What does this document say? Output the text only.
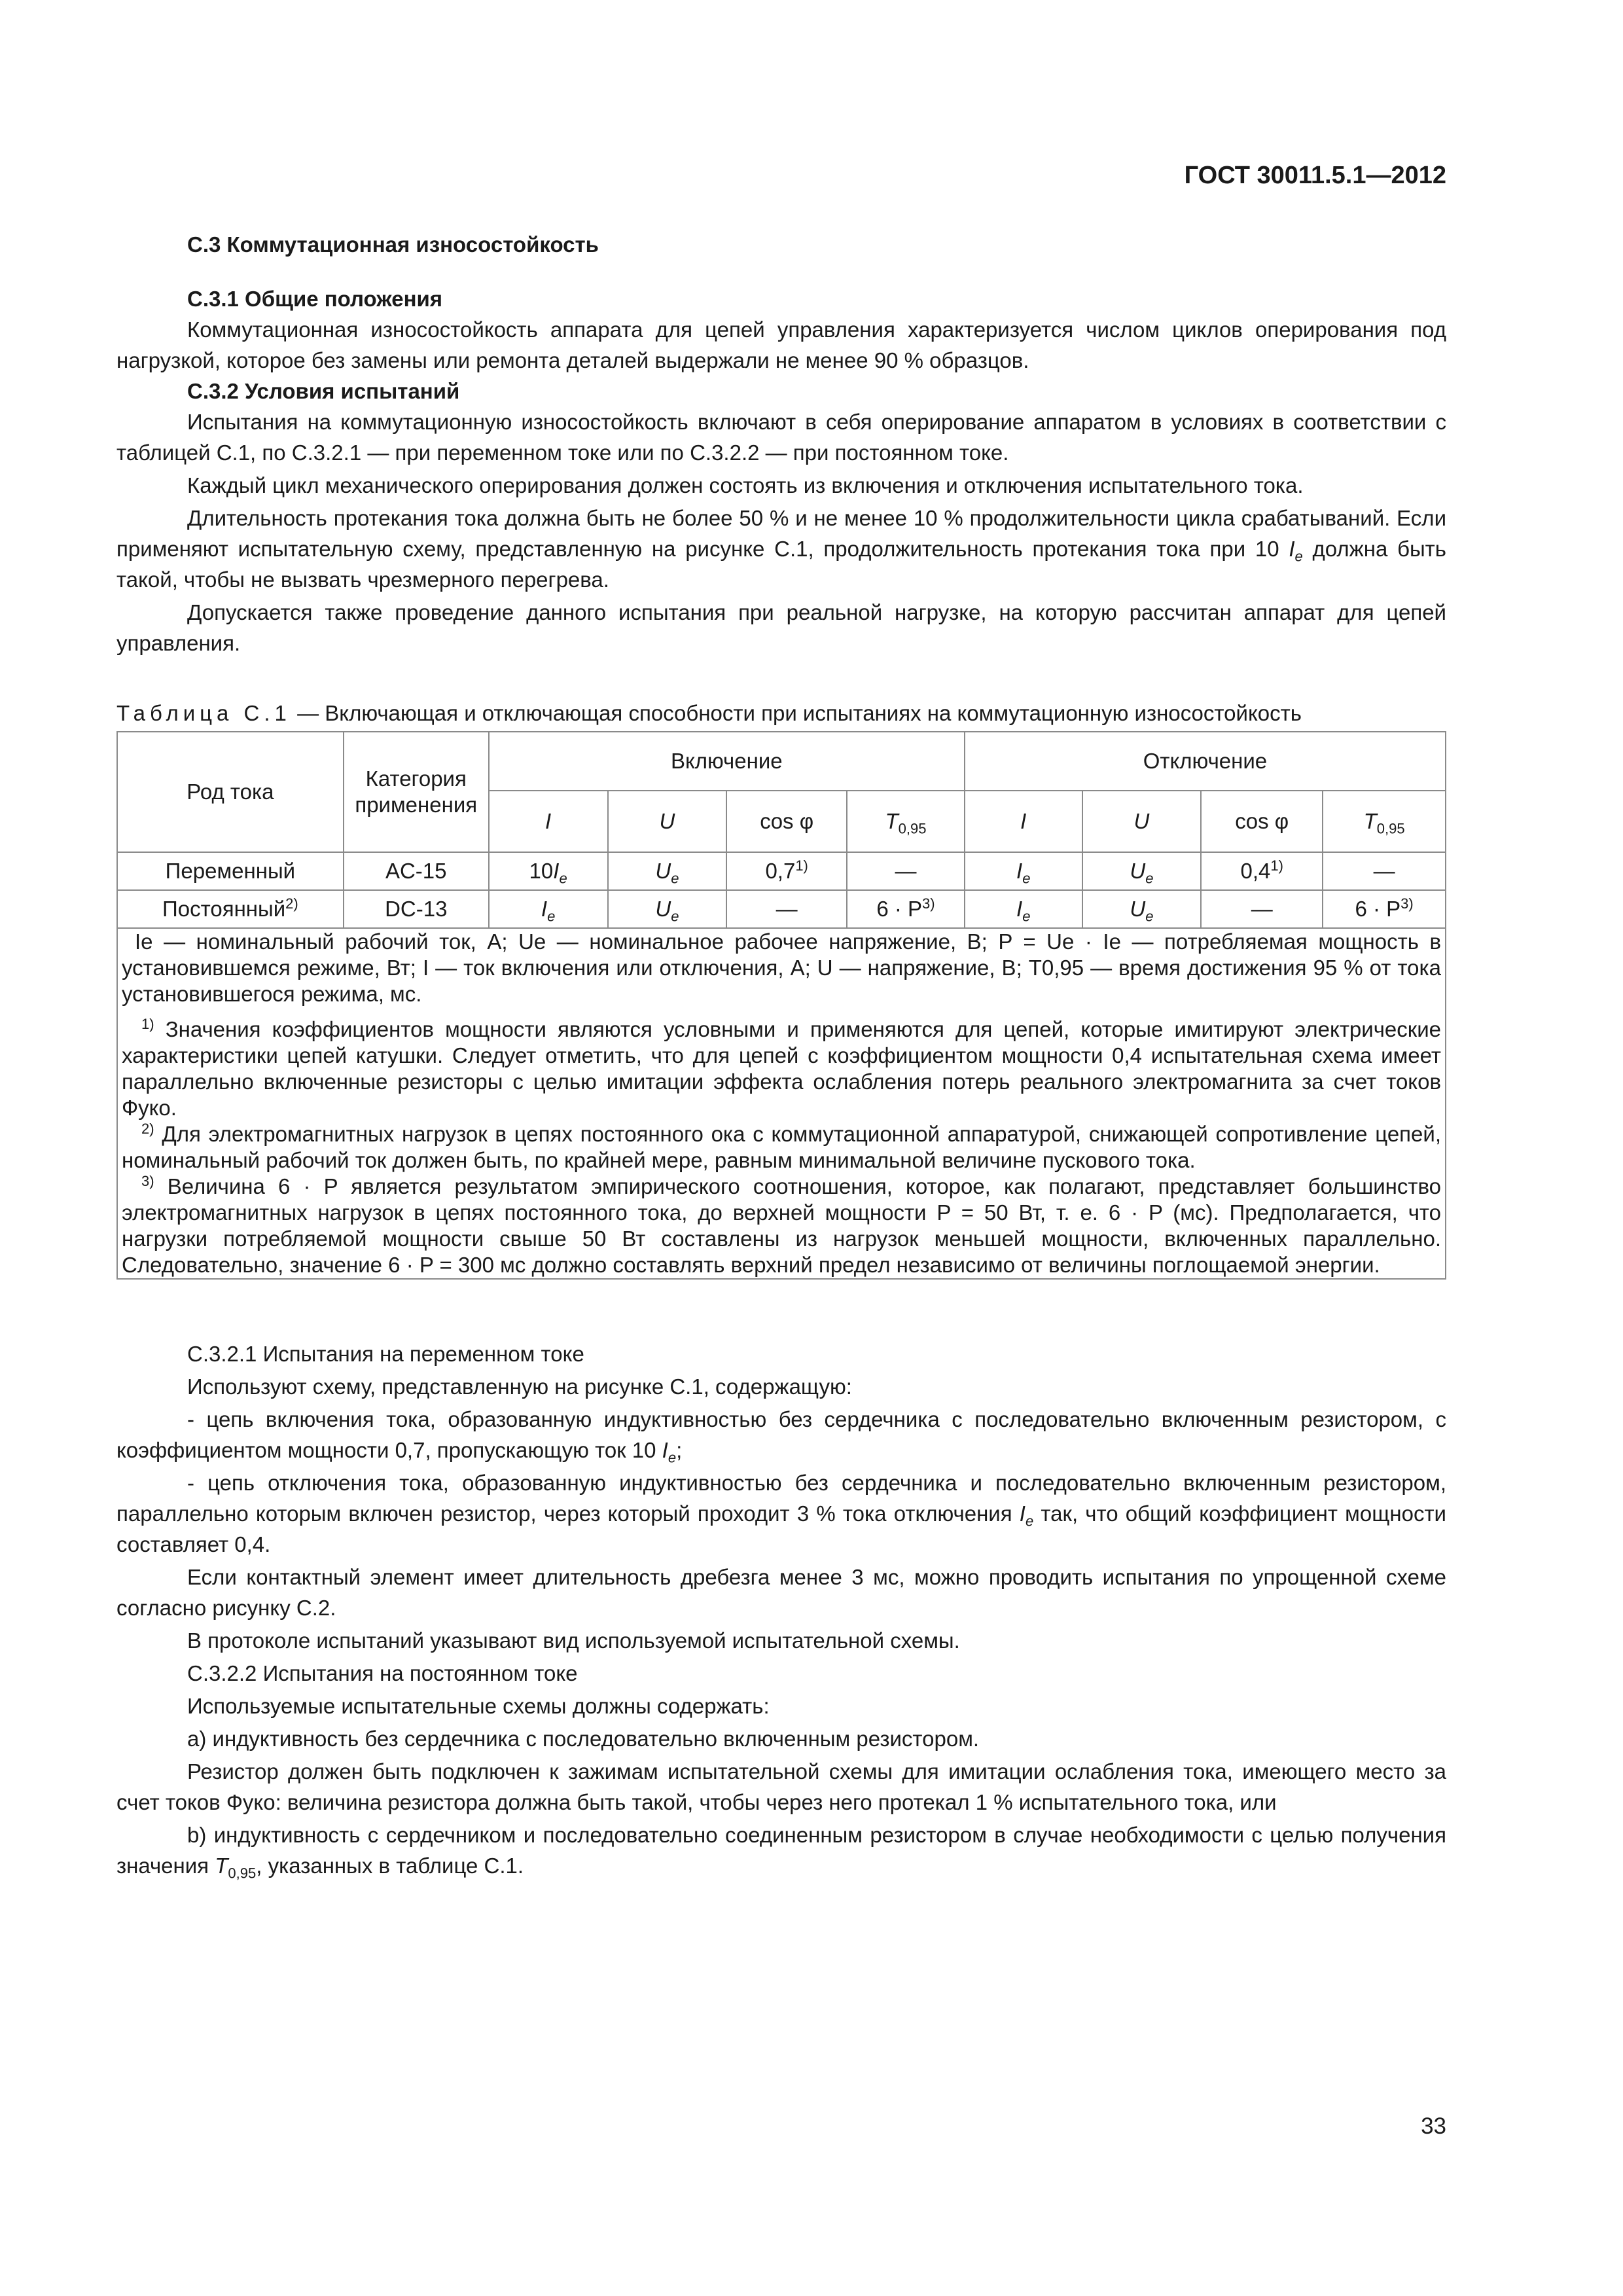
ГОСТ 30011.5.1—2012
С.3 Коммутационная износостойкость
С.3.1 Общие положения

Коммутационная износостойкость аппарата для цепей управления характеризуется числом циклов оперирования под нагрузкой, которое без замены или ремонта деталей выдержали не менее 90 % образцов.

С.3.2 Условия испытаний

Испытания на коммутационную износостойкость включают в себя оперирование аппаратом в условиях в соответствии с таблицей С.1, по С.3.2.1 — при переменном токе или по С.3.2.2 — при постоянном токе.

Каждый цикл механического оперирования должен состоять из включения и отключения испытательного тока.

Длительность протекания тока должна быть не более 50 % и не менее 10 % продолжительности цикла срабатываний. Если применяют испытательную схему, представленную на рисунке С.1, продолжительность протекания тока при 10 $I_e$ должна быть такой, чтобы не вызвать чрезмерного перегрева.

Допускается также проведение данного испытания при реальной нагрузке, на которую рассчитан аппарат для цепей управления.

Таблица С.1 — Включающая и отключающая способности при испытаниях на коммутационную износостойкость
Род тока	Категория применения	Включение				Отключение			
		I	U	cos φ	$T_{0,95}$	I	U	cos φ	$T_{0,95}$
Переменный	AC-15	$10I_e$	$U_e$	0,7$^{1)}$	—	$I_e$	$U_e$	0,4$^{1)}$	—
Постоянный$^{2)}$	DC-13	$I_e$	$U_e$	—	$6 \cdot P^{3)}$	$I_e$	$U_e$	—	$6 \cdot P^{3)}$

Ie — номинальный рабочий ток, А; Ue — номинальное рабочее напряжение, В; P = Ue · Ie — потребляемая мощность в установившемся режиме, Вт; I — ток включения или отключения, А; U — напряжение, В; T0,95 — время достижения 95 % от тока установившегося режима, мс.

$^{1)}$ Значения коэффициентов мощности являются условными и применяются для цепей, которые имитируют электрические характеристики цепей катушки. Следует отметить, что для цепей с коэффициентом мощности 0,4 испытательная схема имеет параллельно включенные резисторы с целью имитации эффекта ослабления потерь реального электромагнита за счет токов Фуко.

$^{2)}$ Для электромагнитных нагрузок в цепях постоянного ока с коммутационной аппаратурой, снижающей сопротивление цепей, номинальный рабочий ток должен быть, по крайней мере, равным минимальной величине пускового тока.

$^{3)}$ Величина 6 · P является результатом эмпирического соотношения, которое, как полагают, представляет большинство электромагнитных нагрузок в цепях постоянного тока, до верхней мощности P = 50 Вт, т. е. 6 · P (мс). Предполагается, что нагрузки потребляемой мощности свыше 50 Вт составлены из нагрузок меньшей мощности, включенных параллельно. Следовательно, значение 6 · P = 300 мс должно составлять верхний предел независимо от величины поглощаемой энергии.									

С.3.2.1 Испытания на переменном токе

Используют схему, представленную на рисунке С.1, содержащую:

- цепь включения тока, образованную индуктивностью без сердечника с последовательно включенным резистором, с коэффициентом мощности 0,7, пропускающую ток 10 $I_e$;

- цепь отключения тока, образованную индуктивностью без сердечника и последовательно включенным резистором, параллельно которым включен резистор, через который проходит 3 % тока отключения $I_e$ так, что общий коэффициент мощности составляет 0,4.

Если контактный элемент имеет длительность дребезга менее 3 мс, можно проводить испытания по упрощенной схеме согласно рисунку С.2.

В протоколе испытаний указывают вид используемой испытательной схемы.

С.3.2.2 Испытания на постоянном токе

Используемые испытательные схемы должны содержать:

a) индуктивность без сердечника с последовательно включенным резистором.

Резистор должен быть подключен к зажимам испытательной схемы для имитации ослабления тока, имеющего место за счет токов Фуко: величина резистора должна быть такой, чтобы через него протекал 1 % испытательного тока, или

b) индуктивность с сердечником и последовательно соединенным резистором в случае необходимости с целью получения значения $T_{0,95}$, указанных в таблице С.1.

33
